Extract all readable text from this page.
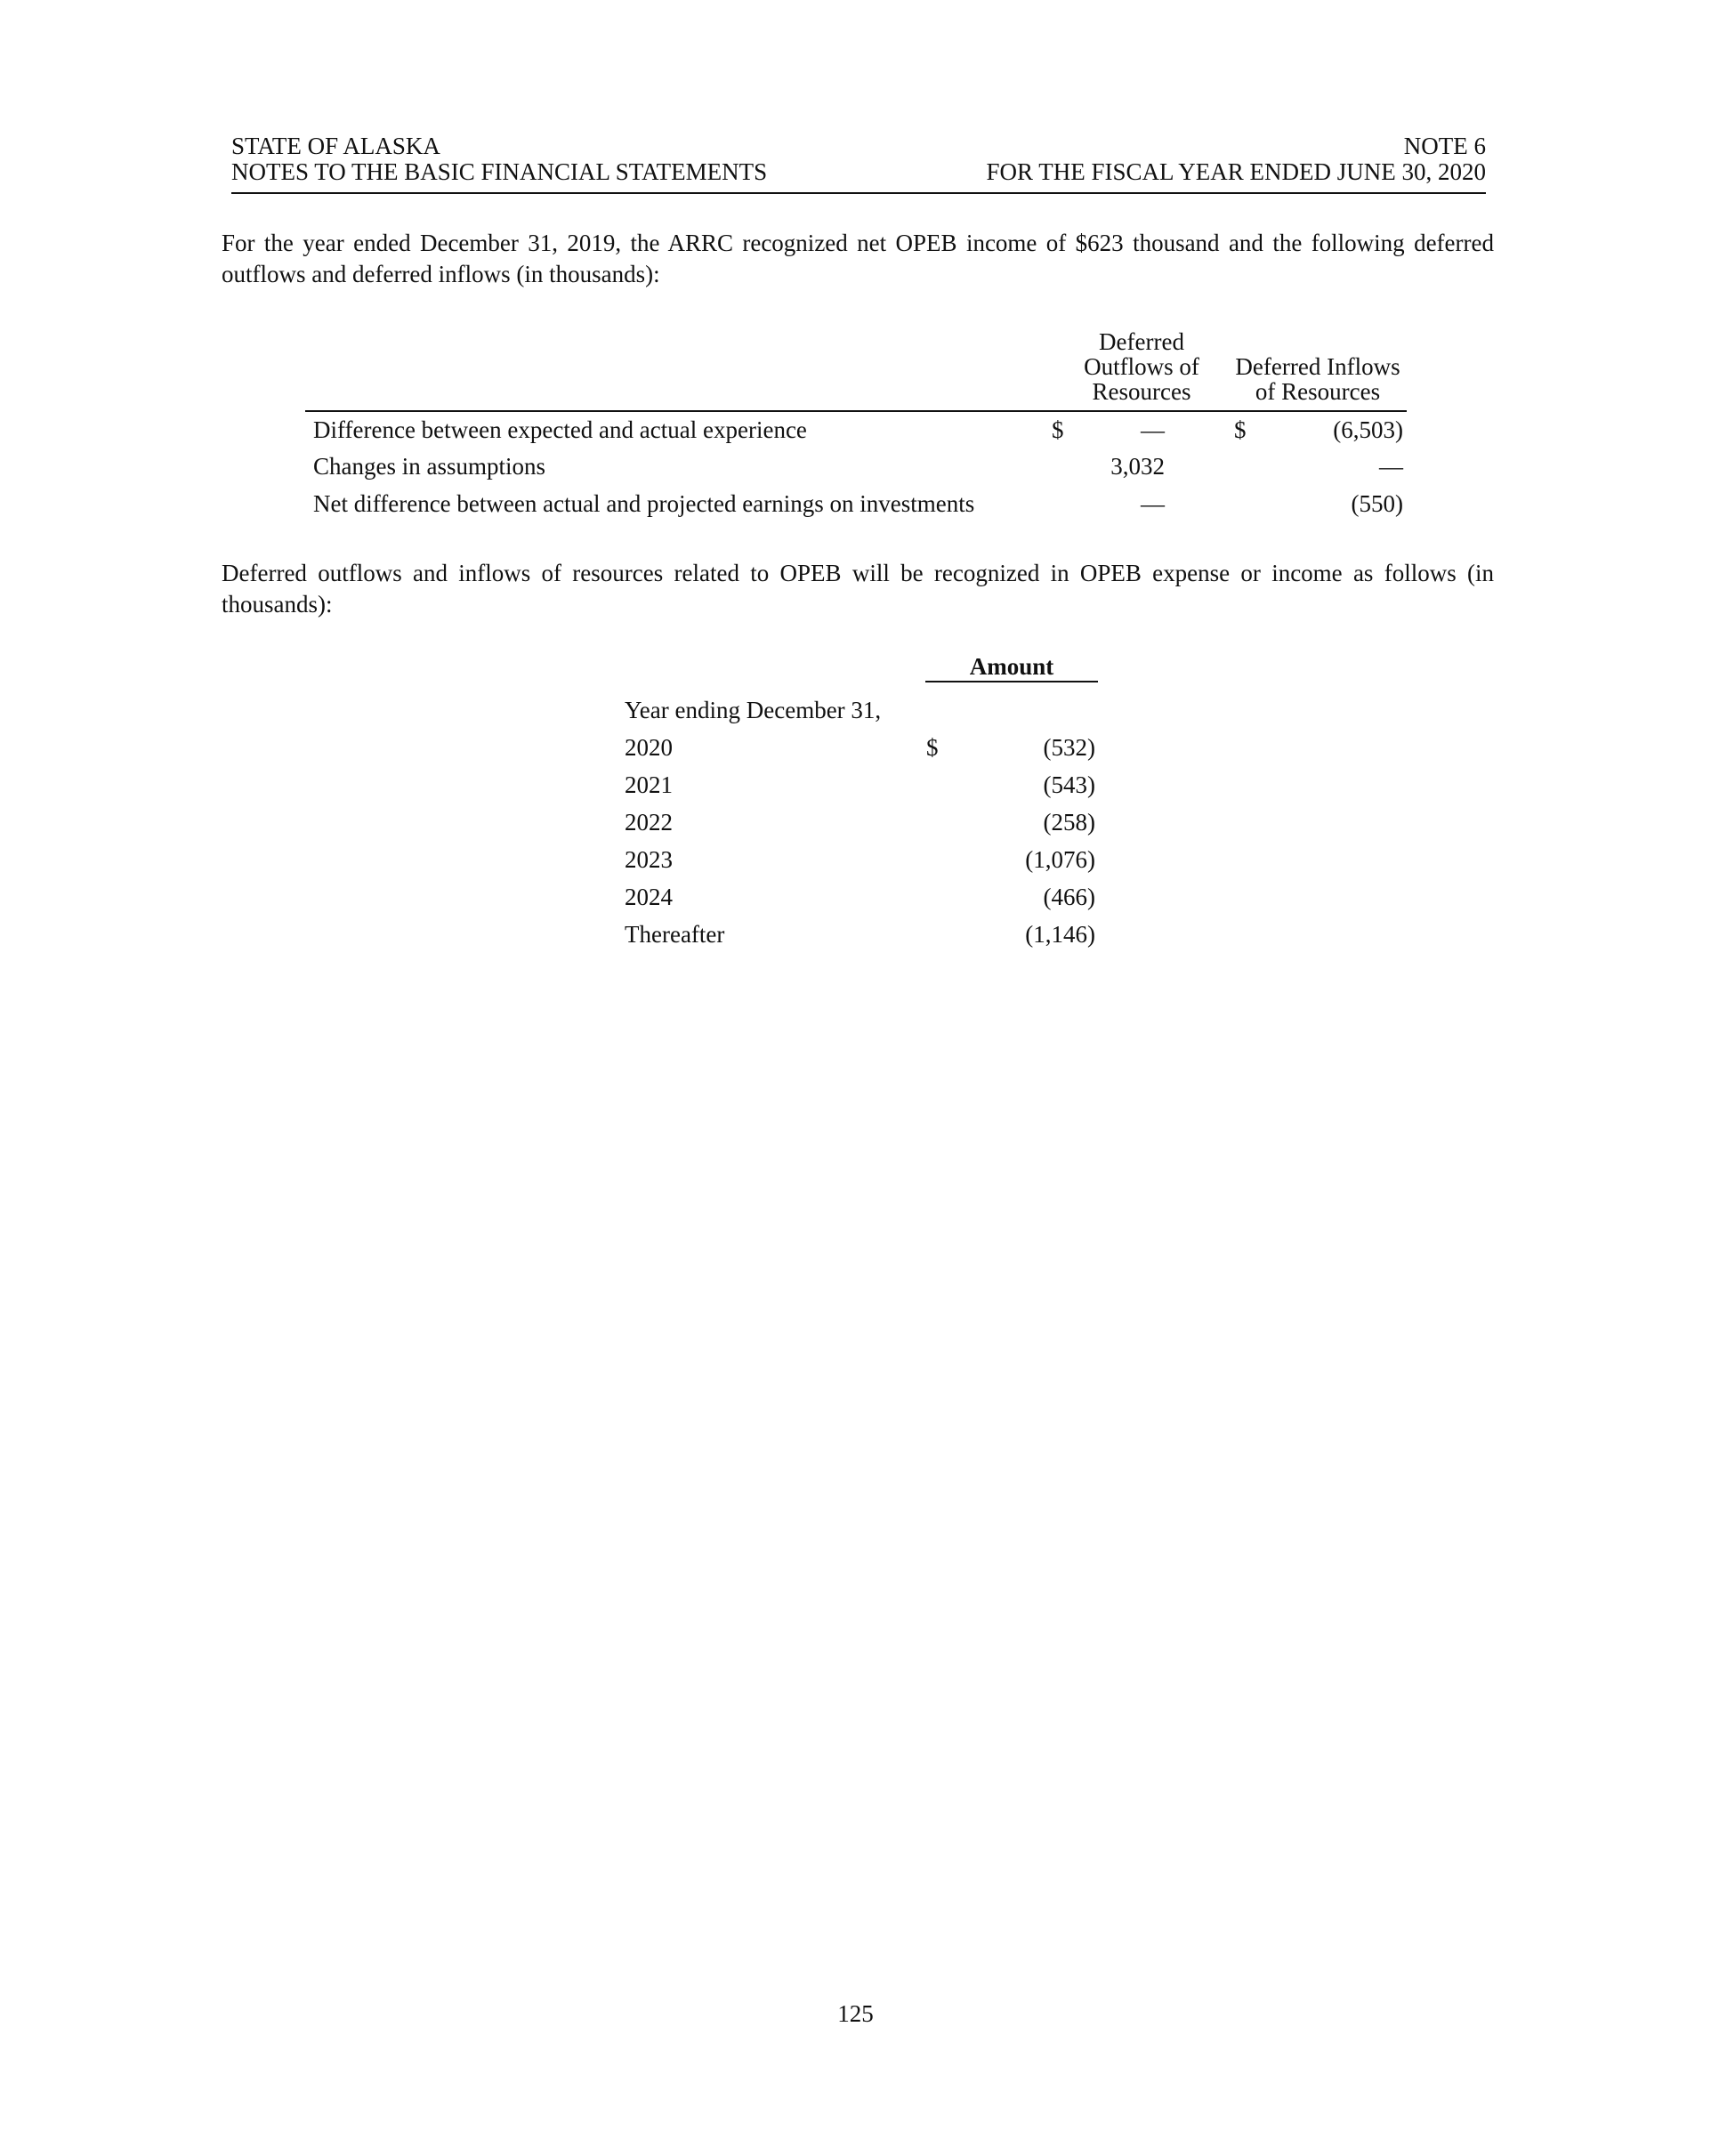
STATE OF ALASKA
NOTES TO THE BASIC FINANCIAL STATEMENTS
NOTE 6
FOR THE FISCAL YEAR ENDED JUNE 30, 2020

For the year ended December 31, 2019, the ARRC recognized net OPEB income of $623 thousand and the following deferred outflows and deferred inflows (in thousands):

Deferred
Outflows of
Resources
Deferred Inflows
of Resources
Difference between expected and actual experience	$	—	$	(6,503)
Changes in assumptions	3,032	—
Net difference between actual and projected earnings on investments	—	(550)

Deferred outflows and inflows of resources related to OPEB will be recognized in OPEB expense or income as follows (in thousands):

Amount
Year ending December 31,
2020	$	(532)
2021	(543)
2022	(258)
2023	(1,076)
2024	(466)
Thereafter	(1,146)
125
